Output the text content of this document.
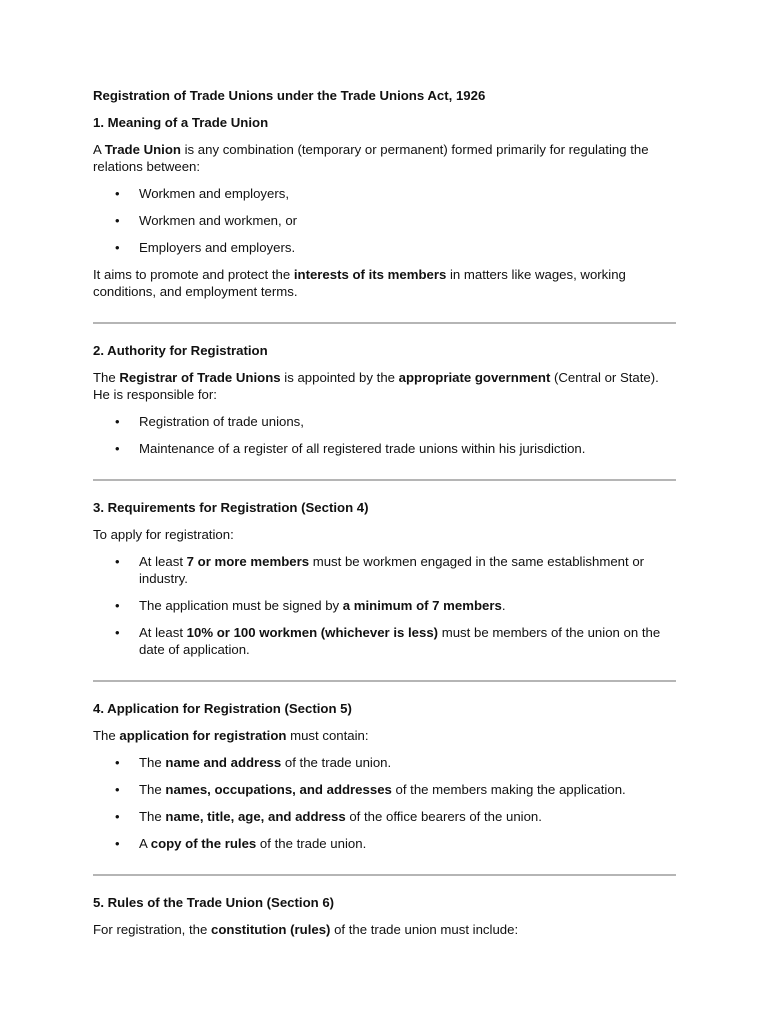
Registration of Trade Unions under the Trade Unions Act, 1926

1. Meaning of a Trade Union

A Trade Union is any combination (temporary or permanent) formed primarily for regulating the relations between:

• Workmen and employers,
• Workmen and workmen, or
• Employers and employers.

It aims to promote and protect the interests of its members in matters like wages, working conditions, and employment terms.

2. Authority for Registration

The Registrar of Trade Unions is appointed by the appropriate government (Central or State). He is responsible for:

• Registration of trade unions,
• Maintenance of a register of all registered trade unions within his jurisdiction.

3. Requirements for Registration (Section 4)

To apply for registration:

• At least 7 or more members must be workmen engaged in the same establishment or industry.
• The application must be signed by a minimum of 7 members.
• At least 10% or 100 workmen (whichever is less) must be members of the union on the date of application.

4. Application for Registration (Section 5)

The application for registration must contain:

• The name and address of the trade union.
• The names, occupations, and addresses of the members making the application.
• The name, title, age, and address of the office bearers of the union.
• A copy of the rules of the trade union.

5. Rules of the Trade Union (Section 6)

For registration, the constitution (rules) of the trade union must include:
